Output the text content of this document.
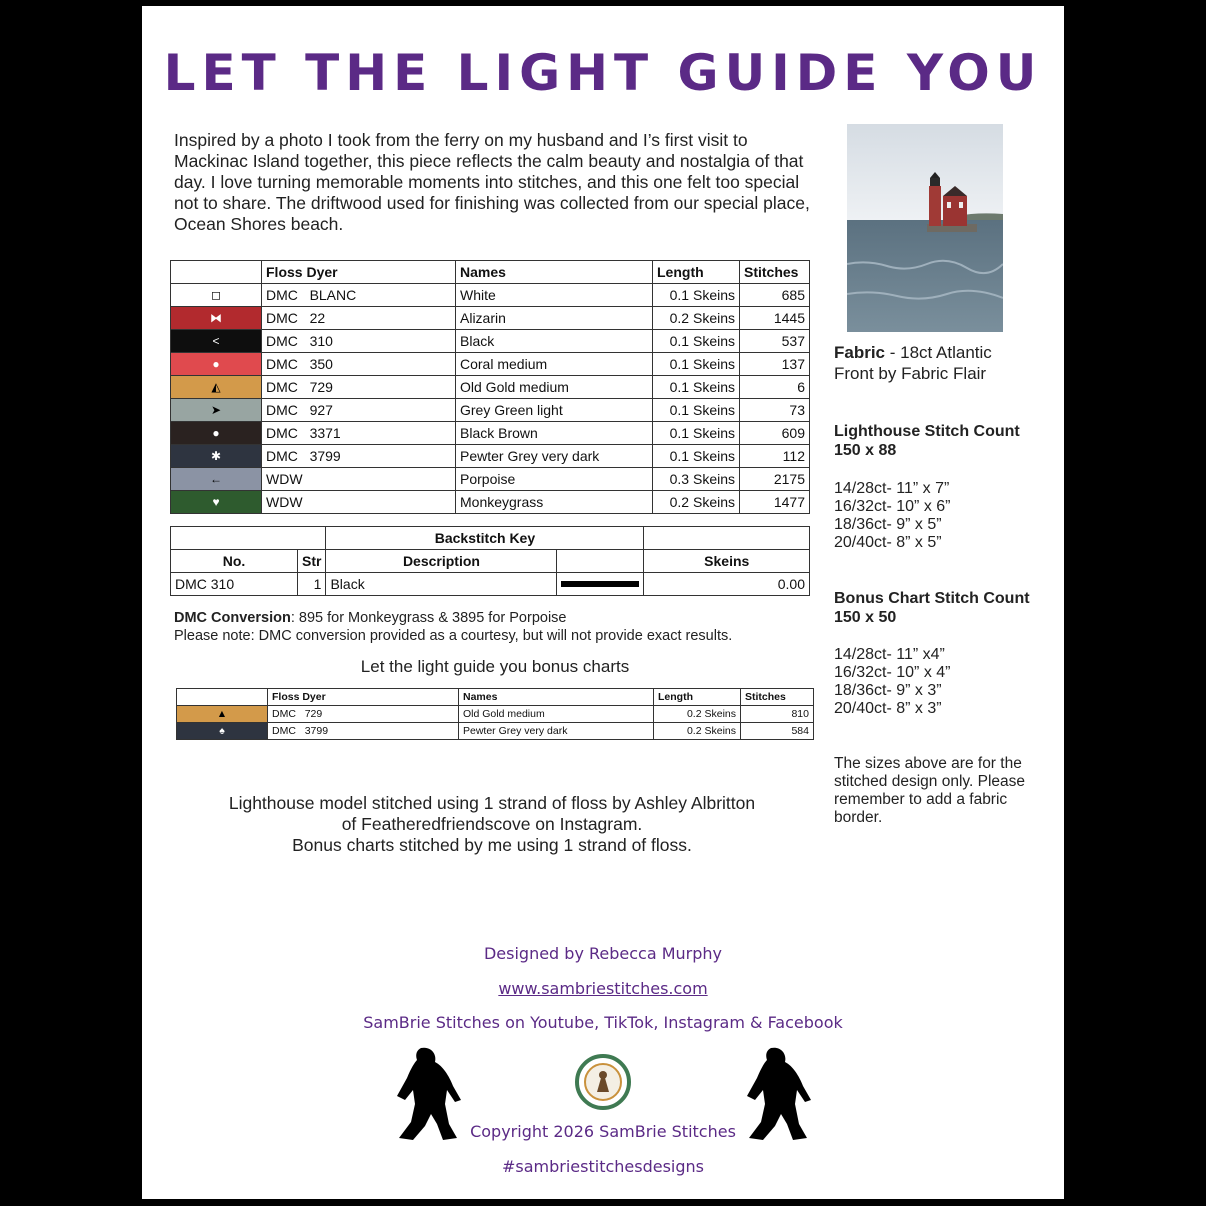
LET THE LIGHT GUIDE YOU
Inspired by a photo I took from the ferry on my husband and I’s first visit to Mackinac Island together, this piece reflects the calm beauty and nostalgia of that day. I love turning memorable moments into stitches, and this one felt too special not to share. The driftwood used for finishing was collected from our special place, Ocean Shores beach.
	Floss Dyer	Names	Length	Stitches
◻	DMC BLANC	White	0.1 Skeins	685
⧓	DMC 22	Alizarin	0.2 Skeins	1445
<	DMC 310	Black	0.1 Skeins	537
●	DMC 350	Coral medium	0.1 Skeins	137
◭	DMC 729	Old Gold medium	0.1 Skeins	6
➤	DMC 927	Grey Green light	0.1 Skeins	73
●	DMC 3371	Black Brown	0.1 Skeins	609
✱	DMC 3799	Pewter Grey very dark	0.1 Skeins	112
←	WDW	Porpoise	0.3 Skeins	2175
♥	WDW	Monkeygrass	0.2 Skeins	1477
		Backstitch Key		
No.	Str	Description		Skeins
DMC 310	1	Black		0.00
DMC Conversion: 895 for Monkeygrass & 3895 for Porpoise
Please note: DMC conversion provided as a courtesy, but will not provide exact results.
Let the light guide you bonus charts
	Floss Dyer	Names	Length	Stitches
▲	DMC 729	Old Gold medium	0.2 Skeins	810
♠	DMC 3799	Pewter Grey very dark	0.2 Skeins	584
Lighthouse model stitched using 1 strand of floss by Ashley Albritton
of Featheredfriendscove on Instagram.
Bonus charts stitched by me using 1 strand of floss.
Fabric - 18ct Atlantic Front by Fabric Flair
Lighthouse Stitch Count
150 x 88
14/28ct- 11” x 7”
16/32ct- 10” x 6”
18/36ct- 9” x 5”
20/40ct- 8” x 5”
Bonus Chart Stitch Count
150 x 50
14/28ct- 11” x4”
16/32ct- 10” x 4”
18/36ct- 9” x 3”
20/40ct- 8” x 3”
The sizes above are for the stitched design only. Please remember to add a fabric border.
Designed by Rebecca Murphy
www.sambriestitches.com
SamBrie Stitches on Youtube, TikTok, Instagram & Facebook
Copyright 2026 SamBrie Stitches
#sambriestitchesdesigns
